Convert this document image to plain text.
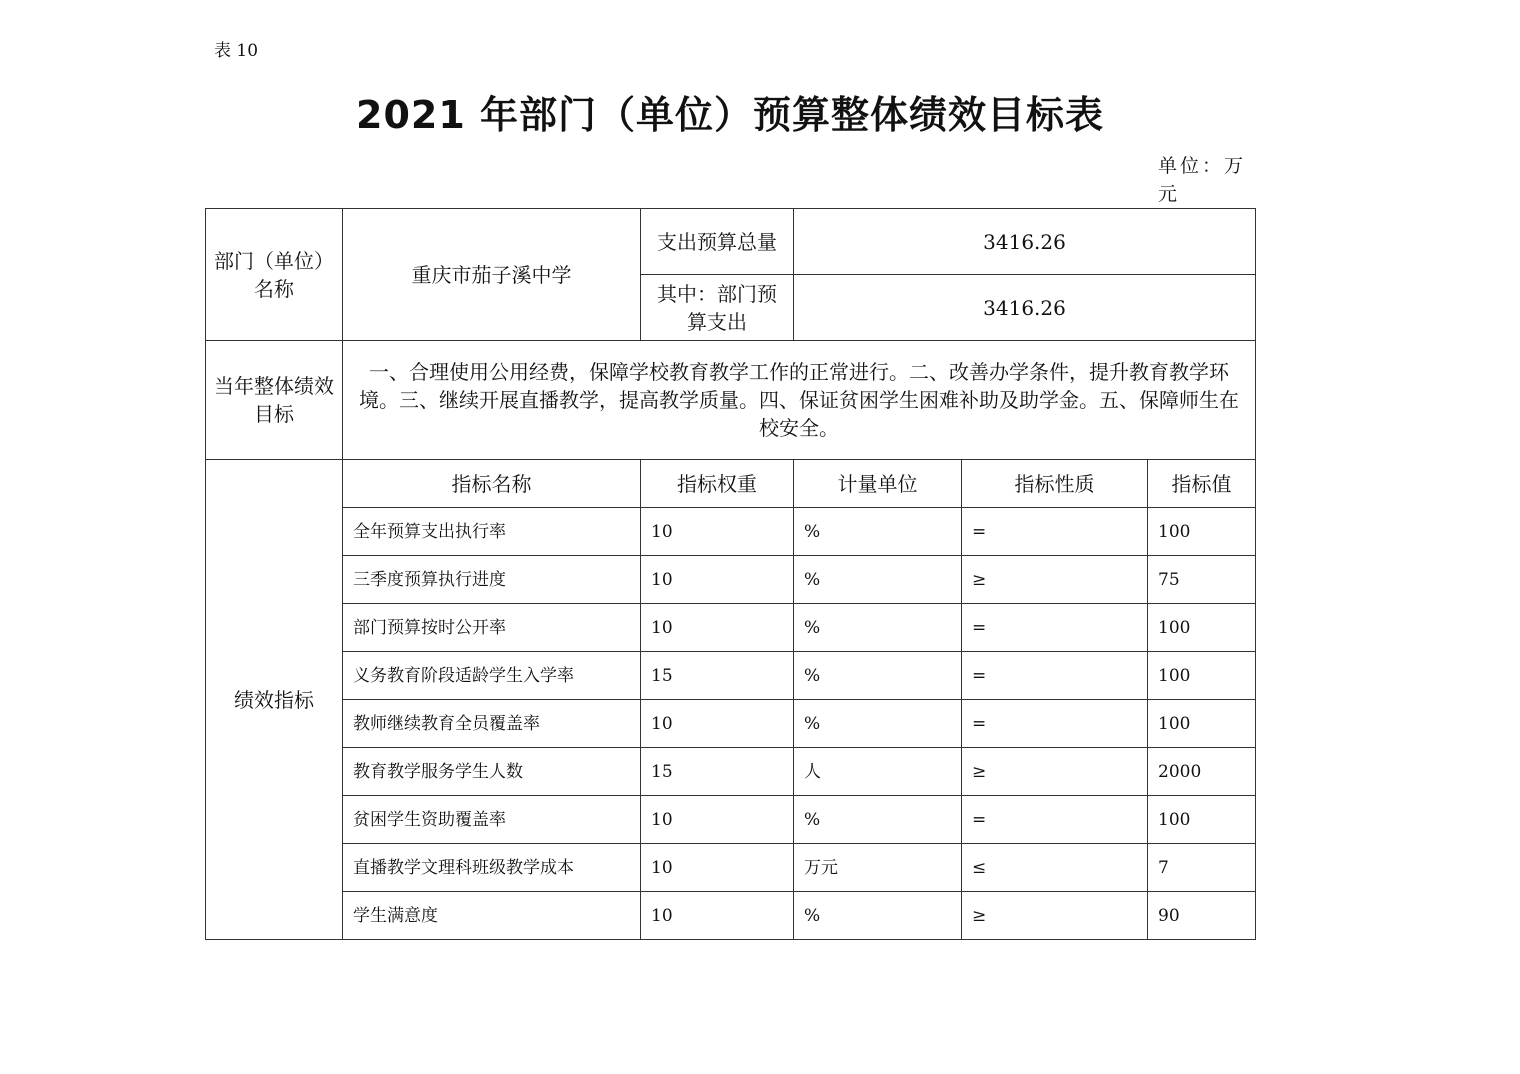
表 10
2021 年部门（单位）预算整体绩效目标表
单位：万元
部门（单位）名称	重庆市茄子溪中学	支出预算总量	3416.26		
		其中：部门预算支出	3416.26		
当年整体绩效目标	一、合理使用公用经费，保障学校教育教学工作的正常进行。二、改善办学条件，提升教育教学环境。三、继续开展直播教学，提高教学质量。四、保证贫困学生困难补助及助学金。五、保障师生在校安全。				
绩效指标	指标名称	指标权重	计量单位	指标性质	指标值
	全年预算支出执行率	10	%	=	100
	三季度预算执行进度	10	%	≥	75
	部门预算按时公开率	10	%	=	100
	义务教育阶段适龄学生入学率	15	%	=	100
	教师继续教育全员覆盖率	10	%	=	100
	教育教学服务学生人数	15	人	≥	2000
	贫困学生资助覆盖率	10	%	=	100
	直播教学文理科班级教学成本	10	万元	≤	7
	学生满意度	10	%	≥	90
